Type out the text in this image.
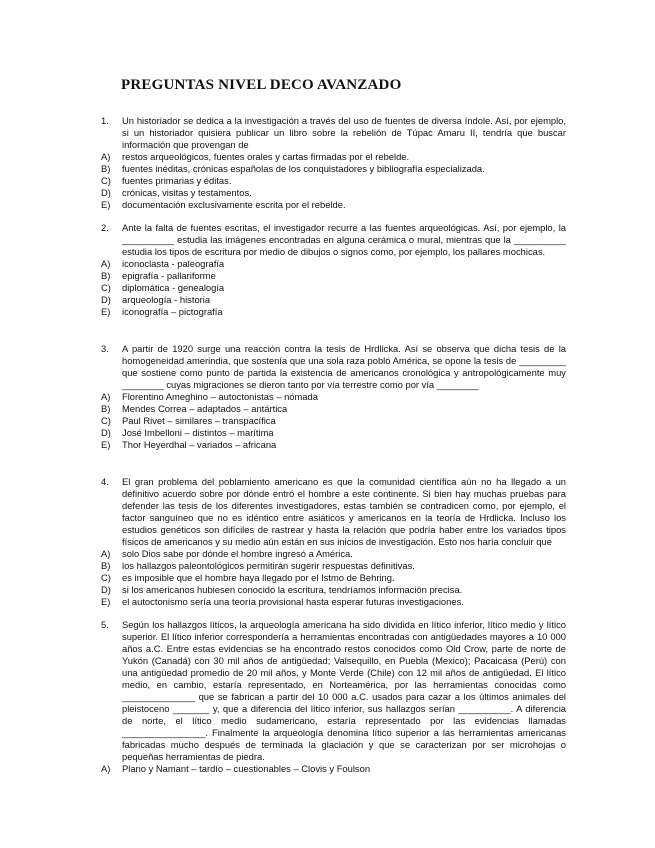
PREGUNTAS NIVEL DECO AVANZADO
1.	Un historiador se dedica a la investigación a través del uso de fuentes de diversa índole. Así, por ejemplo, si un historiador quisiera publicar un libro sobre la rebelión de Túpac Amaru II, tendría que buscar información que provengan de
A)	restos arqueológicos, fuentes orales y cartas firmadas por el rebelde.
B)	fuentes inéditas, crónicas españolas de los conquistadores y bibliografía especializada.
C)	fuentes primarias y éditas.
D)	crónicas, visitas y testamentos.
E)	documentación exclusivamente escrita por el rebelde.
2.	Ante la falta de fuentes escritas, el investigador recurre a las fuentes arqueológicas. Así, por ejemplo, la __________ estudia las imágenes encontradas en alguna cerámica o mural, mientras que la __________ estudia los tipos de escritura por medio de dibujos o signos como, por ejemplo, los pallares mochicas.
A)	iconoclasta - paleografía
B)	epigrafía - pallariforme
C)	diplomática - genealogía
D)	arqueología - historia
E)	iconografía – pictografía
3.	A partir de 1920 surge una reacción contra la tesis de Hrdlicka. Así se observa que dicha tesis de la homogeneidad amerindia, que sostenía que una sola raza pobló América, se opone la tesis de _________ que sostiene como punto de partida la existencia de americanos cronológica y antropológicamente muy ________ cuyas migraciones se dieron tanto por vía terrestre como por vía ________
A)	Florentino Ameghino – autoctonistas – nómada
B)	Mendes Correa – adaptados – antártica
C)	Paul Rivet – similares – transpacífica
D)	José Imbelloni – distintos – marítima
E)	Thor Heyerdhal – variados – africana
4.	El gran problema del poblamiento americano es que la comunidad científica aún no ha llegado a un definitivo acuerdo sobre por dónde entró el hombre a este continente. Si bien hay muchas pruebas para defender las tesis de los diferentes investigadores, estas también se contradicen como, por ejemplo, el factor sanguíneo que no es idéntico entre asiáticos y americanos en la teoría de Hrdlicka. Incluso los estudios genéticos son difíciles de rastrear y hasta la relación que podría haber entre los variados tipos físicos de americanos y su medio aún están en sus inicios de investigación. Esto nos haría concluir que
A)	solo Dios sabe por dónde el hombre ingresó a América.
B)	los hallazgos paleontológicos permitirán sugerir respuestas definitivas.
C)	es imposible que el hombre haya llegado por el Istmo de Behring.
D)	si los americanos hubiesen conocido la escritura, tendríamos información precisa.
E)	el autoctonismo sería una teoría provisional hasta esperar futuras investigaciones.
5.	Según los hallazgos líticos, la arqueología americana ha sido dividida en lítico inferior, lítico medio y lítico superior. El lítico inferior correspondería a herramientas encontradas con antigüedades mayores a 10 000 años a.C. Entre estas evidencias se ha encontrado restos conocidos como Old Crow, parte de norte de Yukón (Canadá) con 30 mil años de antigüedad; Valsequillo, en Puebla (Mexico); Pacaicasa (Perú) con una antigüedad promedio de 20 mil años, y Monte Verde (Chile) con 12 mil años de antigüedad. El lítico medio, en cambio, estaría representado, en Norteamérica, por las herramientas conocidas como ______________ que se fabrican a partir del 10 000 a.C. usados para cazar a los últimos animales del pleistoceno _______ y, que a diferencia del lítico inferior, sus hallazgos serían __________. A diferencia de norte, el lítico medio sudamericano, estaría representado por las evidencias llamadas ________________. Finalmente la arqueología denomina lítico superior a las herramientas americanas fabricadas mucho después de terminada la glaciación y que se caracterizan por ser microhojas o pequeñas herramientas de piedra.
A)	Plano y Namant – tardío – cuestionables – Clovis y Foulson
